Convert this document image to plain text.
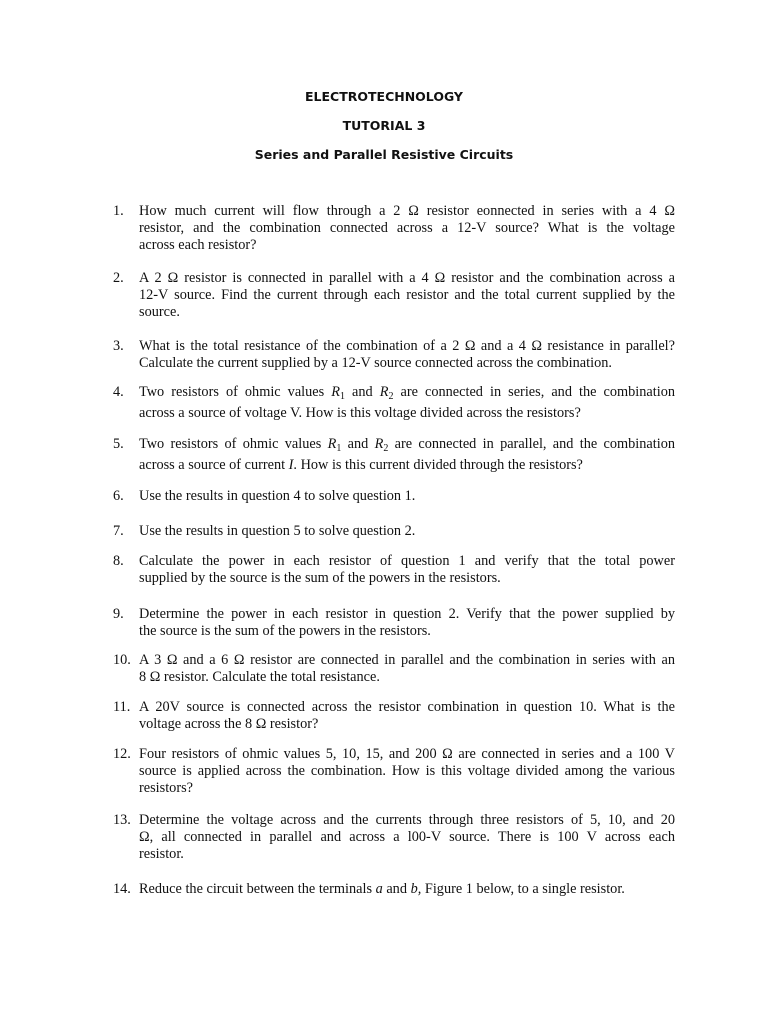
ELECTROTECHNOLOGY
TUTORIAL 3
Series and Parallel Resistive Circuits
1. How much current will flow through a 2 Ω resistor eonnected in series with a 4 Ω
resistor, and the combination connected across a 12-V source? What is the voltage
across each resistor?
2. A 2 Ω resistor is connected in parallel with a 4 Ω resistor and the combination across a
12-V source. Find the current through each resistor and the total current supplied by the
source.
3. What is the total resistance of the combination of a 2 Ω and a 4 Ω resistance in parallel?
Calculate the current supplied by a 12-V source connected across the combination.
4. Two resistors of ohmic values $R_1$ and $R_2$ are connected in series, and the combination
across a source of voltage V. How is this voltage divided across the resistors?
5. Two resistors of ohmic values $R_1$ and $R_2$ are connected in parallel, and the combination
across a source of current I. How is this current divided through the resistors?
6. Use the results in question 4 to solve question 1.
7. Use the results in question 5 to solve question 2.
8. Calculate the power in each resistor of question 1 and verify that the total power
supplied by the source is the sum of the powers in the resistors.
9. Determine the power in each resistor in question 2. Verify that the power supplied by
the source is the sum of the powers in the resistors.
10. A 3 Ω and a 6 Ω resistor are connected in parallel and the combination in series with an
8 Ω resistor. Calculate the total resistance.
11. A 20V source is connected across the resistor combination in question 10. What is the
voltage across the 8 Ω resistor?
12. Four resistors of ohmic values 5, 10, 15, and 200 Ω are connected in series and a 100 V
source is applied across the combination. How is this voltage divided among the various
resistors?
13. Determine the voltage across and the currents through three resistors of 5, 10, and 20
Ω, all connected in parallel and across a l00-V source. There is 100 V across each
resistor.
14. Reduce the circuit between the terminals a and b, Figure 1 below, to a single resistor.
